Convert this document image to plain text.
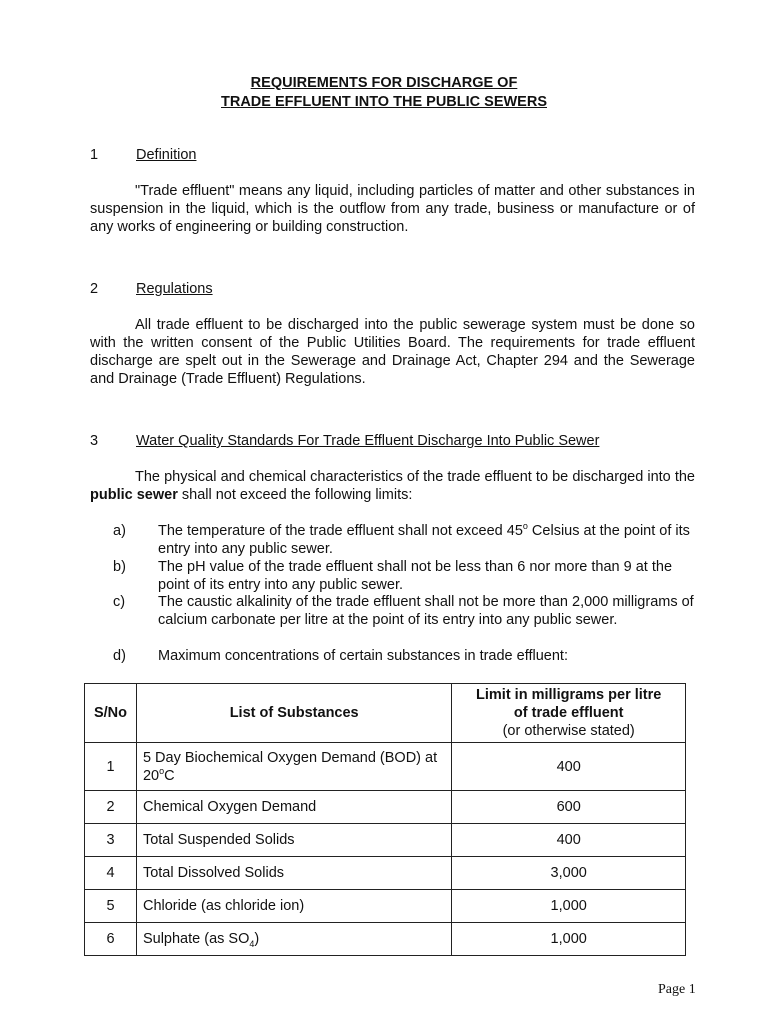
REQUIREMENTS FOR DISCHARGE OF
TRADE EFFLUENT INTO THE PUBLIC SEWERS
1	Definition
"Trade effluent" means any liquid, including particles of matter and other substances in suspension in the liquid, which is the outflow from any trade, business or manufacture or of any works of engineering or building construction.
2	Regulations
All trade effluent to be discharged into the public sewerage system must be done so with the written consent of the Public Utilities Board. The requirements for trade effluent discharge are spelt out in the Sewerage and Drainage Act, Chapter 294 and the Sewerage and Drainage (Trade Effluent) Regulations.
3	Water Quality Standards For Trade Effluent Discharge Into Public Sewer
The physical and chemical characteristics of the trade effluent to be discharged into the public sewer shall not exceed the following limits:
a) The temperature of the trade effluent shall not exceed 45$^o$ Celsius at the point of its entry into any public sewer.
b) The pH value of the trade effluent shall not be less than 6 nor more than 9 at the point of its entry into any public sewer.
c) The caustic alkalinity of the trade effluent shall not be more than 2,000 milligrams of calcium carbonate per litre at the point of its entry into any public sewer.
d) Maximum concentrations of certain substances in trade effluent:
S/No	List of Substances	Limit in milligrams per litre
of trade effluent
(or otherwise stated)

1	5 Day Biochemical Oxygen Demand (BOD) at 20$^o$C	400
2	Chemical Oxygen Demand	600
3	Total Suspended Solids	400
4	Total Dissolved Solids	3,000
5	Chloride (as chloride ion)	1,000
6	Sulphate (as $SO_4$)	1,000
Page 1
